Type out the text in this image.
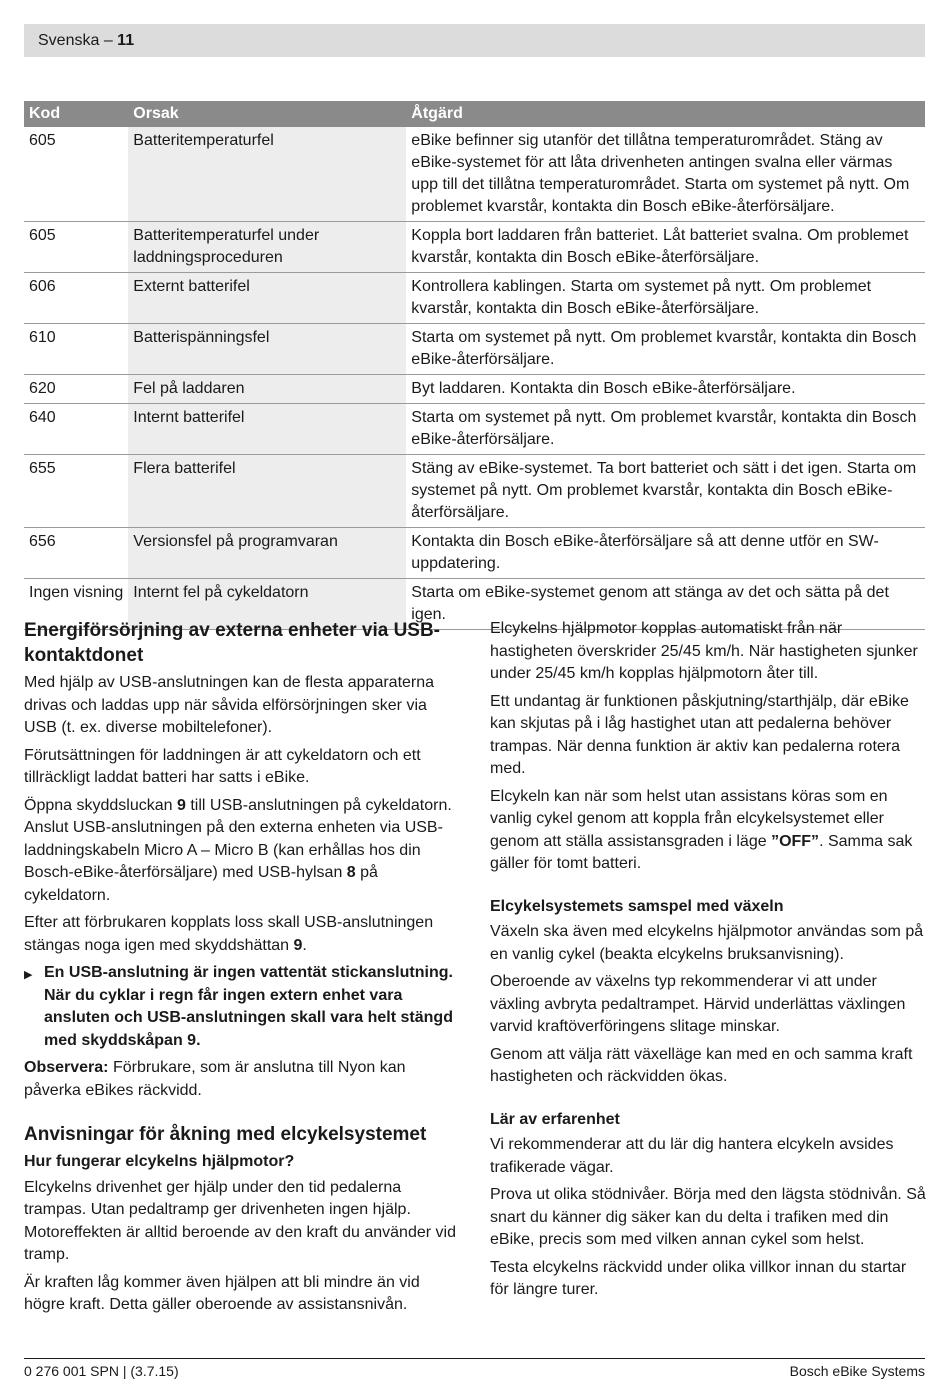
Svenska – 11
Kod	Orsak	Åtgärd
605	Batteritemperaturfel	eBike befinner sig utanför det tillåtna temperaturområdet. Stäng av eBike-systemet för att låta drivenheten antingen svalna eller värmas upp till det tillåtna temperaturområdet. Starta om systemet på nytt. Om problemet kvarstår, kontakta din Bosch eBike-återförsäljare.
605	Batteritemperaturfel under laddningsproceduren	Koppla bort laddaren från batteriet. Låt batteriet svalna. Om problemet kvarstår, kontakta din Bosch eBike-återförsäljare.
606	Externt batterifel	Kontrollera kablingen. Starta om systemet på nytt. Om problemet kvarstår, kontakta din Bosch eBike-återförsäljare.
610	Batterispänningsfel	Starta om systemet på nytt. Om problemet kvarstår, kontakta din Bosch eBike-återförsäljare.
620	Fel på laddaren	Byt laddaren. Kontakta din Bosch eBike-återförsäljare.
640	Internt batterifel	Starta om systemet på nytt. Om problemet kvarstår, kontakta din Bosch eBike-återförsäljare.
655	Flera batterifel	Stäng av eBike-systemet. Ta bort batteriet och sätt i det igen. Starta om systemet på nytt. Om problemet kvarstår, kontakta din Bosch eBike-återförsäljare.
656	Versionsfel på programvaran	Kontakta din Bosch eBike-återförsäljare så att denne utför en SW-uppdatering.
Ingen visning	Internt fel på cykeldatorn	Starta om eBike-systemet genom att stänga av det och sätta på det igen.
Energiförsörjning av externa enheter via USB-kontaktdonet

Med hjälp av USB-anslutningen kan de flesta apparaterna drivas och laddas upp när såvida elförsörjningen sker via USB (t. ex. diverse mobiltelefoner).

Förutsättningen för laddningen är att cykeldatorn och ett tillräckligt laddat batteri har satts i eBike.

Öppna skyddsluckan 9 till USB-anslutningen på cykeldatorn. Anslut USB-anslutningen på den externa enheten via USB-laddningskabeln Micro A – Micro B (kan erhållas hos din Bosch-eBike-återförsäljare) med USB-hylsan 8 på cykeldatorn.

Efter att förbrukaren kopplats loss skall USB-anslutningen stängas noga igen med skyddshättan 9.

▶ En USB-anslutning är ingen vattentät stickanslutning. När du cyklar i regn får ingen extern enhet vara ansluten och USB-anslutningen skall vara helt stängd med skyddskåpan 9.

Observera: Förbrukare, som är anslutna till Nyon kan påverka eBikes räckvidd.

Anvisningar för åkning med elcykelsystemet
Hur fungerar elcykelns hjälpmotor?

Elcykelns drivenhet ger hjälp under den tid pedalerna trampas. Utan pedaltramp ger drivenheten ingen hjälp. Motoreffekten är alltid beroende av den kraft du använder vid tramp.

Är kraften låg kommer även hjälpen att bli mindre än vid högre kraft. Detta gäller oberoende av assistansnivån.

Elcykelns hjälpmotor kopplas automatiskt från när hastigheten överskrider 25/45 km/h. När hastigheten sjunker under 25/45 km/h kopplas hjälpmotorn åter till.

Ett undantag är funktionen påskjutning/starthjälp, där eBike kan skjutas på i låg hastighet utan att pedalerna behöver trampas. När denna funktion är aktiv kan pedalerna rotera med.

Elcykeln kan när som helst utan assistans köras som en vanlig cykel genom att koppla från elcykelsystemet eller genom att ställa assistansgraden i läge ”OFF”. Samma sak gäller för tomt batteri.

Elcykelsystemets samspel med växeln

Växeln ska även med elcykelns hjälpmotor användas som på en vanlig cykel (beakta elcykelns bruksanvisning).

Oberoende av växelns typ rekommenderar vi att under växling avbryta pedaltrampet. Härvid underlättas växlingen varvid kraftöverföringens slitage minskar.

Genom att välja rätt växelläge kan med en och samma kraft hastigheten och räckvidden ökas.

Lär av erfarenhet

Vi rekommenderar att du lär dig hantera elcykeln avsides trafikerade vägar.

Prova ut olika stödnivåer. Börja med den lägsta stödnivån. Så snart du känner dig säker kan du delta i trafiken med din eBike, precis som med vilken annan cykel som helst.

Testa elcykelns räckvidd under olika villkor innan du startar för längre turer.

0 276 001 SPN | (3.7.15)	Bosch eBike Systems
